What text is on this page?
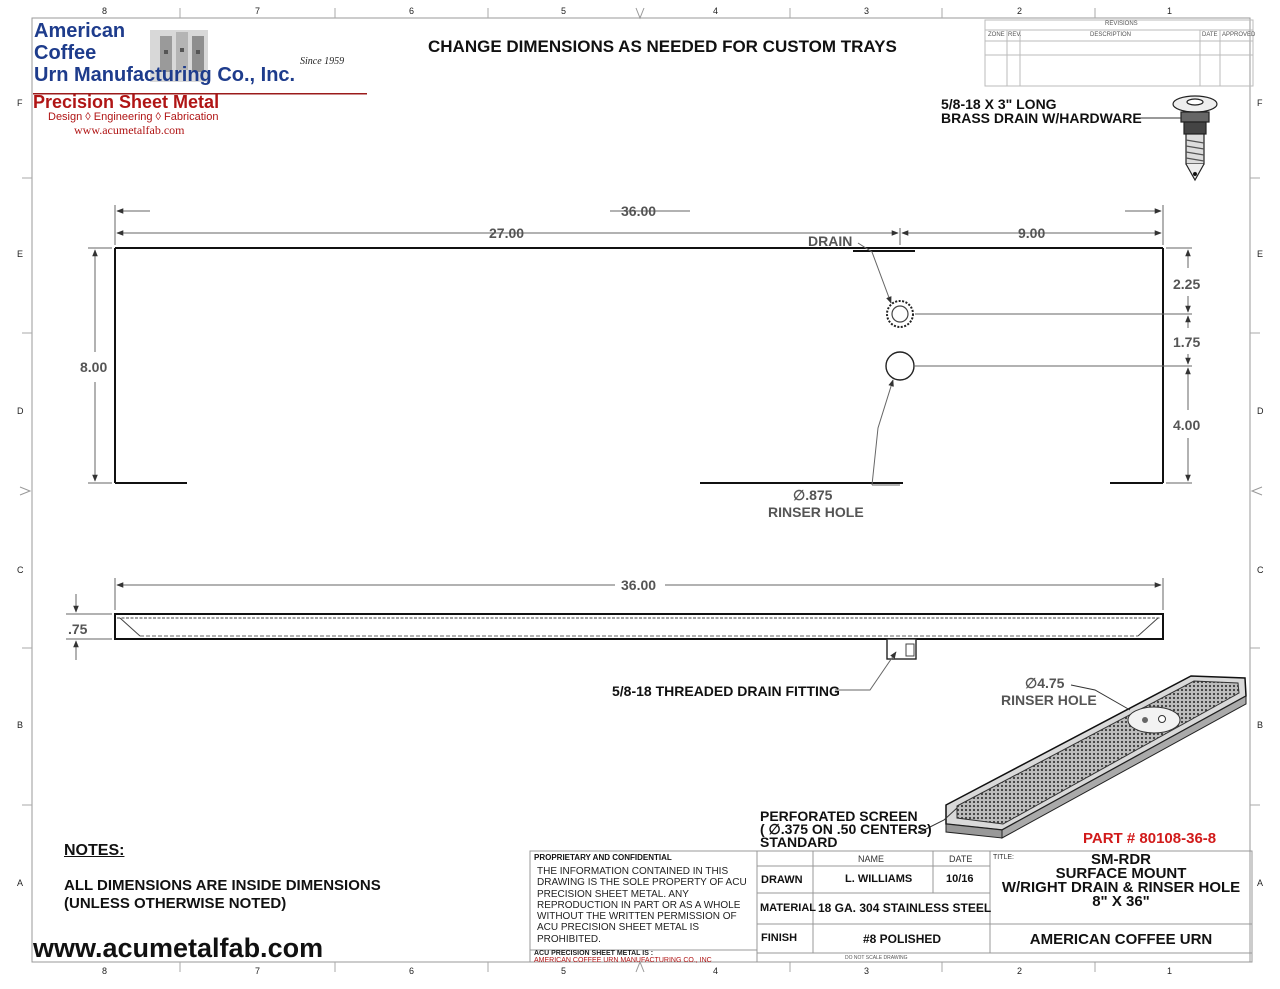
8	7	6	5	4	3	2	1
8	7	6	5	4	3	2	1
F
E
D
C
B
A
F
E
D
C
B
A
American
Coffee
Urn Manufacturing Co., Inc.
Since 1959
Precision Sheet Metal
Design ◊ Engineering ◊ Fabrication
www.acumetalfab.com
CHANGE DIMENSIONS AS NEEDED FOR CUSTOM TRAYS
REVISIONS
ZONE REV.	DESCRIPTION	DATE APPROVED
5/8-18 X 3" LONG
BRASS DRAIN W/HARDWARE
36.00
27.00	9.00
DRAIN
8.00
2.25
1.75
4.00
∅.875
RINSER HOLE
36.00
.75
5/8-18 THREADED DRAIN FITTING	∅4.75
RINSER HOLE
PERFORATED SCREEN
( ∅.375 ON .50 CENTERS)
STANDARD
NOTES:
ALL DIMENSIONS ARE INSIDE DIMENSIONS
(UNLESS OTHERWISE NOTED)
www.acumetalfab.com
PART # 80108-36-8
PROPRIETARY AND CONFIDENTIAL
THE INFORMATION CONTAINED IN THIS DRAWING IS THE SOLE PROPERTY OF ACU PRECISION SHEET METAL. ANY REPRODUCTION IN PART OR AS A WHOLE WITHOUT THE WRITTEN PERMISSION OF ACU PRECISION SHEET METAL IS PROHIBITED.
ACU PRECISION SHEET METAL IS :
AMERICAN COFFEE URN MANUFACTURING CO., INC
NAME	DATE	TITLE:
DRAWN	L. WILLIAMS	10/16
MATERIAL 18 GA. 304 STAINLESS STEEL
FINISH	#8 POLISHED
SM-RDR
SURFACE MOUNT
W/RIGHT DRAIN & RINSER HOLE
8" X 36"
AMERICAN COFFEE URN
DO NOT SCALE DRAWING
